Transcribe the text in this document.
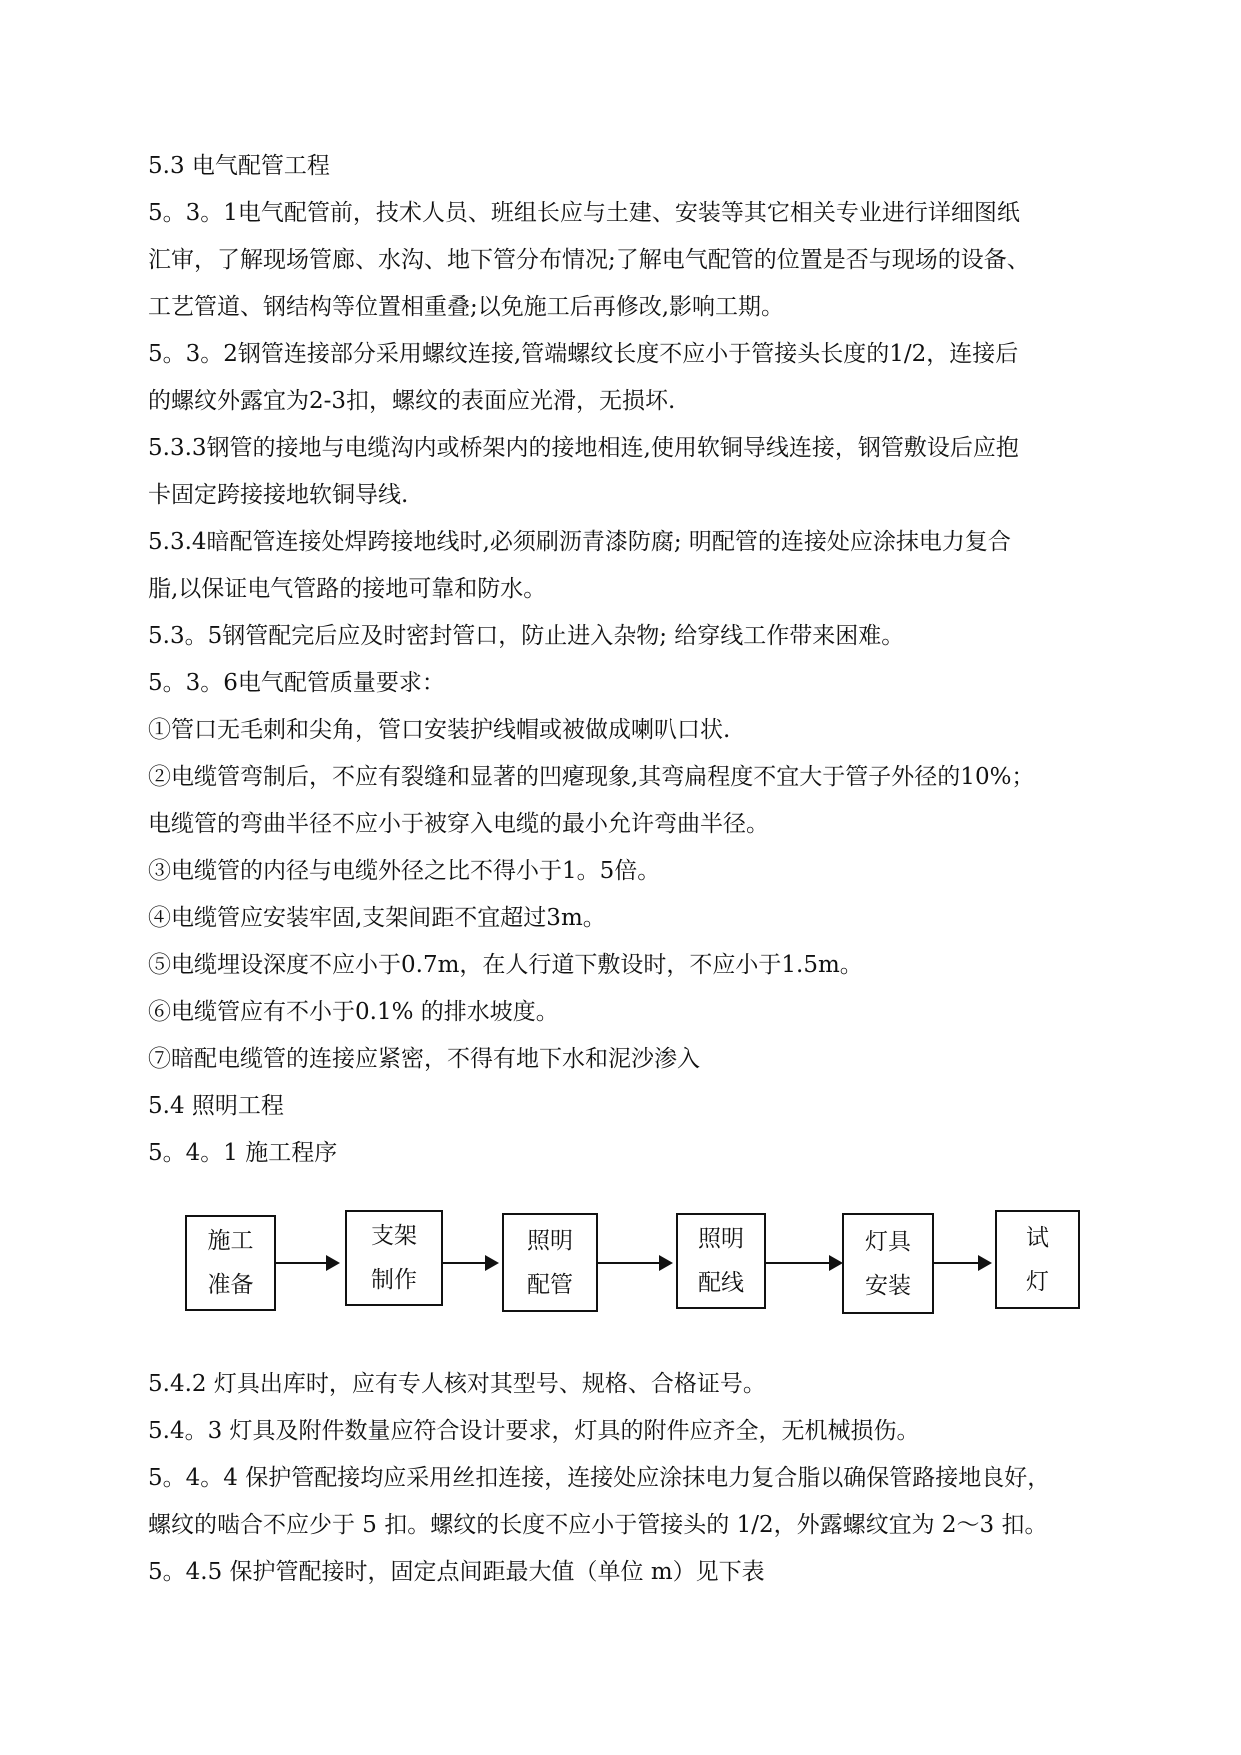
5.3 电气配管工程
5。3。1电气配管前，技术人员、班组长应与土建、安装等其它相关专业进行详细图纸
汇审，了解现场管廊、水沟、地下管分布情况;了解电气配管的位置是否与现场的设备、
工艺管道、钢结构等位置相重叠;以免施工后再修改,影响工期。
5。3。2钢管连接部分采用螺纹连接,管端螺纹长度不应小于管接头长度的1/2，连接后
的螺纹外露宜为2-3扣，螺纹的表面应光滑，无损坏.
5.3.3钢管的接地与电缆沟内或桥架内的接地相连,使用软铜导线连接，钢管敷设后应抱
卡固定跨接接地软铜导线.
5.3.4暗配管连接处焊跨接地线时,必须刷沥青漆防腐; 明配管的连接处应涂抹电力复合
脂,以保证电气管路的接地可靠和防水。
5.3。5钢管配完后应及时密封管口，防止进入杂物; 给穿线工作带来困难。
5。3。6电气配管质量要求：
①管口无毛刺和尖角，管口安装护线帽或被做成喇叭口状.
②电缆管弯制后，不应有裂缝和显著的凹瘪现象,其弯扁程度不宜大于管子外径的10%；
电缆管的弯曲半径不应小于被穿入电缆的最小允许弯曲半径。
③电缆管的内径与电缆外径之比不得小于1。5倍。
④电缆管应安装牢固,支架间距不宜超过3m。
⑤电缆埋设深度不应小于0.7m，在人行道下敷设时，不应小于1.5m。
⑥电缆管应有不小于0.1% 的排水坡度。
⑦暗配电缆管的连接应紧密，不得有地下水和泥沙渗入
5.4 照明工程
5。4。1 施工程序
施工
准备
支架
制作
照明
配管
照明
配线
灯具
安装
试
灯
5.4.2 灯具出库时，应有专人核对其型号、规格、合格证号。
5.4。3 灯具及附件数量应符合设计要求，灯具的附件应齐全，无机械损伤。
5。4。4 保护管配接均应采用丝扣连接，连接处应涂抹电力复合脂以确保管路接地良好，
螺纹的啮合不应少于 5 扣。螺纹的长度不应小于管接头的 1/2，外露螺纹宜为 2～3 扣。
5。4.5 保护管配接时，固定点间距最大值（单位 m）见下表
